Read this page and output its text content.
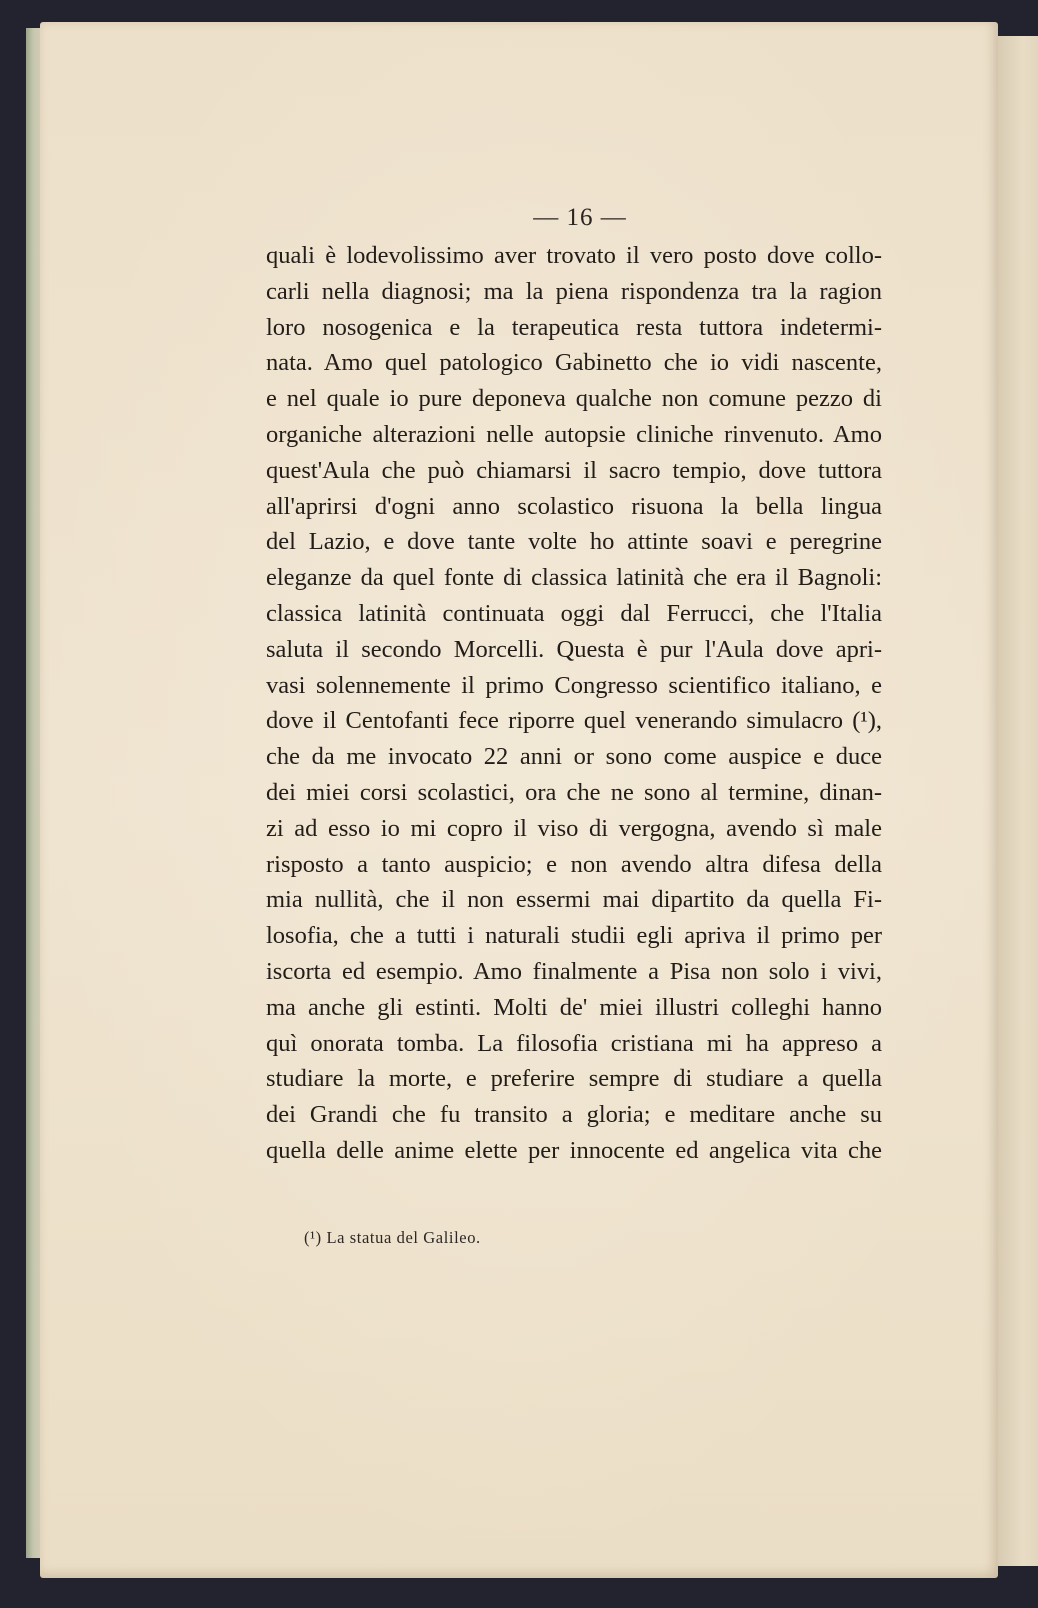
— 16 —
quali è lodevolissimo aver trovato il vero posto dove collo-
carli nella diagnosi; ma la piena rispondenza tra la ragion
loro nosogenica e la terapeutica resta tuttora indetermi-
nata. Amo quel patologico Gabinetto che io vidi nascente,
e nel quale io pure deponeva qualche non comune pezzo di
organiche alterazioni nelle autopsie cliniche rinvenuto. Amo
quest'Aula che può chiamarsi il sacro tempio, dove tuttora
all'aprirsi d'ogni anno scolastico risuona la bella lingua
del Lazio, e dove tante volte ho attinte soavi e peregrine
eleganze da quel fonte di classica latinità che era il Bagnoli:
classica latinità continuata oggi dal Ferrucci, che l'Italia
saluta il secondo Morcelli. Questa è pur l'Aula dove apri-
vasi solennemente il primo Congresso scientifico italiano, e
dove il Centofanti fece riporre quel venerando simulacro (¹),
che da me invocato 22 anni or sono come auspice e duce
dei miei corsi scolastici, ora che ne sono al termine, dinan-
zi ad esso io mi copro il viso di vergogna, avendo sì male
risposto a tanto auspicio; e non avendo altra difesa della
mia nullità, che il non essermi mai dipartito da quella Fi-
losofia, che a tutti i naturali studii egli apriva il primo per
iscorta ed esempio. Amo finalmente a Pisa non solo i vivi,
ma anche gli estinti. Molti de' miei illustri colleghi hanno
quì onorata tomba. La filosofia cristiana mi ha appreso a
studiare la morte, e preferire sempre di studiare a quella
dei Grandi che fu transito a gloria; e meditare anche su
quella delle anime elette per innocente ed angelica vita che
(¹) La statua del Galileo.
